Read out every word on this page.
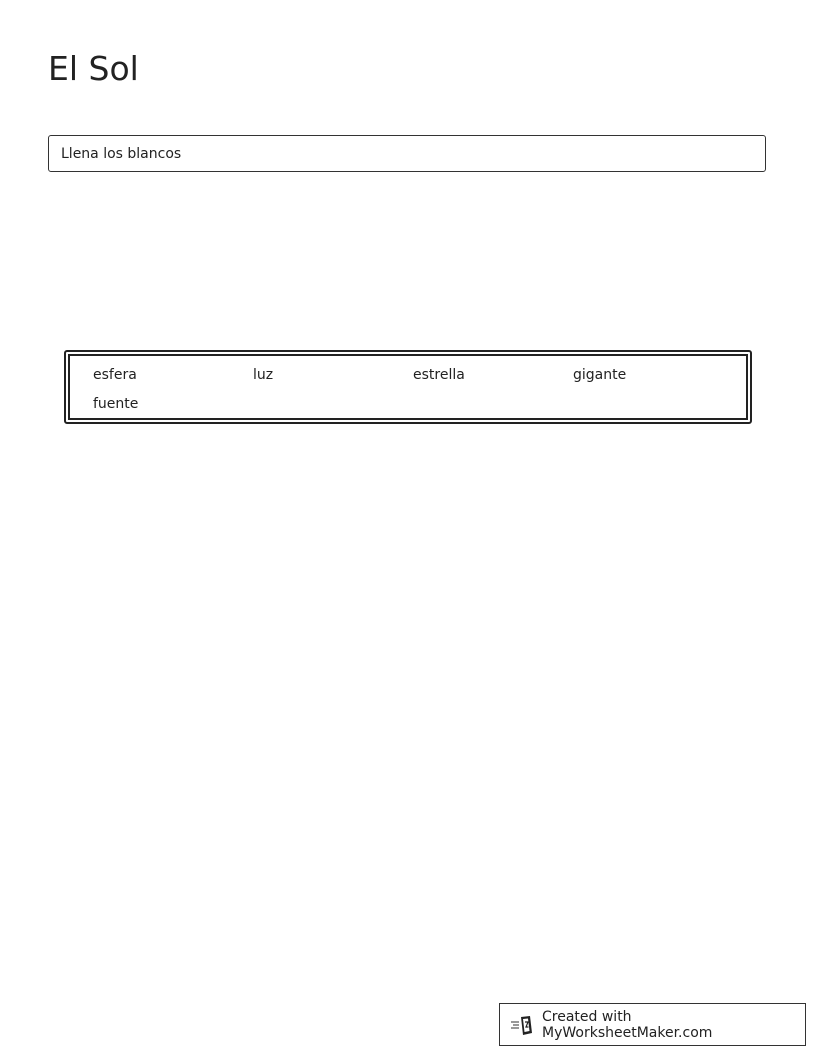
El Sol
Llena los blancos
esfera	luz	estrella	gigante
fuente
Created with MyWorksheetMaker.com
